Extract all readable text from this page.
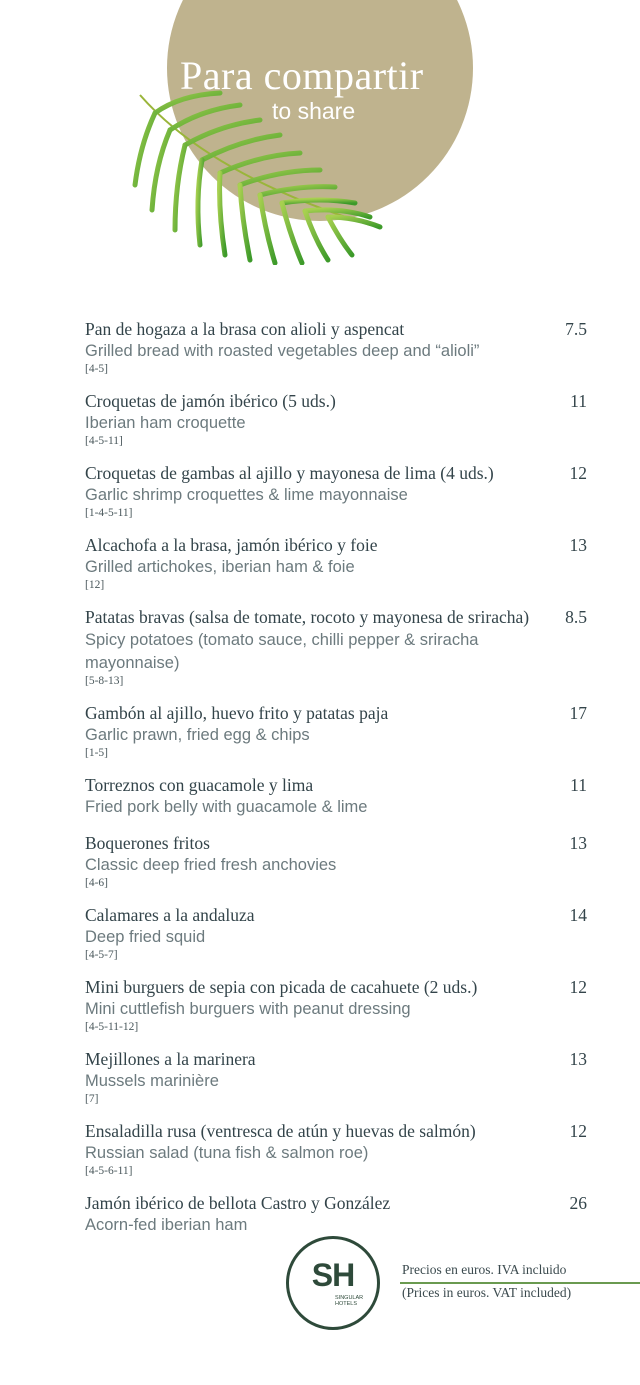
Para compartir
to share
Pan de hogaza a la brasa con alioli y aspencat
Grilled bread with roasted vegetables deep and “alioli”
[4-5]
7.5
Croquetas de jamón ibérico (5 uds.)
Iberian ham croquette
[4-5-11]
11
Croquetas de gambas al ajillo y mayonesa de lima (4 uds.)
Garlic shrimp croquettes & lime mayonnaise
[1-4-5-11]
12
Alcachofa a la brasa, jamón ibérico y foie
Grilled artichokes, iberian ham & foie
[12]
13
Patatas bravas (salsa de tomate, rocoto y mayonesa de sriracha) Spicy potatoes (tomato sauce, chilli pepper & sriracha mayonnaise)
[5-8-13]
8.5
Gambón al ajillo, huevo frito y patatas paja
Garlic prawn, fried egg & chips
[1-5]
17
Torreznos con guacamole y lima
Fried pork belly with guacamole & lime
11
Boquerones fritos
Classic deep fried fresh anchovies
[4-6]
13
Calamares a la andaluza
Deep fried squid
[4-5-7]
14
Mini burguers de sepia con picada de cacahuete (2 uds.)
Mini cuttlefish burguers with peanut dressing
[4-5-11-12]
12
Mejillones a la marinera
Mussels marinière
[7]
13
Ensaladilla rusa (ventresca de atún y huevas de salmón)
Russian salad (tuna fish & salmon roe)
[4-5-6-11]
12
Jamón ibérico de bellota Castro y González
Acorn-fed iberian ham
26
SH
SINGULAR
HOTELS
Precios en euros. IVA incluido
(Prices in euros. VAT included)
